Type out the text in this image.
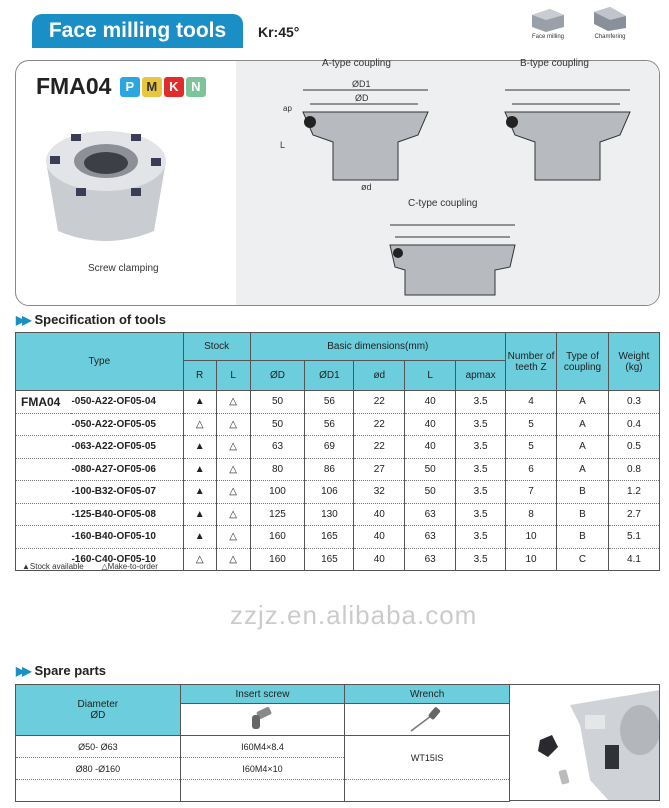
Face milling tools	Kr:45°	Face milling	Chamfering
FMA04 P M K N
Screw clamping
A-type coupling	B-type coupling
C-type coupling
ØD1
ØD
ap
L
ød
▶▶ Specification of tools
Type		Stock		Basic dimensions(mm)					Number of teeth Z	Type of coupling	Weight (kg)
		R	L	ØD	ØD1	ød	L	apmax			
FMA04	-050-A22-OF05-04	▲	△	50	56	22	40	3.5	4	A	0.3
	-050-A22-OF05-05	△	△	50	56	22	40	3.5	5	A	0.4
	-063-A22-OF05-05	▲	△	63	69	22	40	3.5	5	A	0.5
	-080-A27-OF05-06	▲	△	80	86	27	50	3.5	6	A	0.8
	-100-B32-OF05-07	▲	△	100	106	32	50	3.5	7	B	1.2
	-125-B40-OF05-08	▲	△	125	130	40	63	3.5	8	B	2.7
	-160-B40-OF05-10	▲	△	160	165	40	63	3.5	10	B	5.1
	-160-C40-OF05-10	△	△	160	165	40	63	3.5	10	C	4.1
▲Stock available △Make-to-order
zzjz.en.alibaba.com
▶▶ Spare parts
Diameter
ØD	Insert screw	Wrench

Ø50- Ø63	I60M4×8.4	WT15IS
Ø80 -Ø160	I60M4×10	
